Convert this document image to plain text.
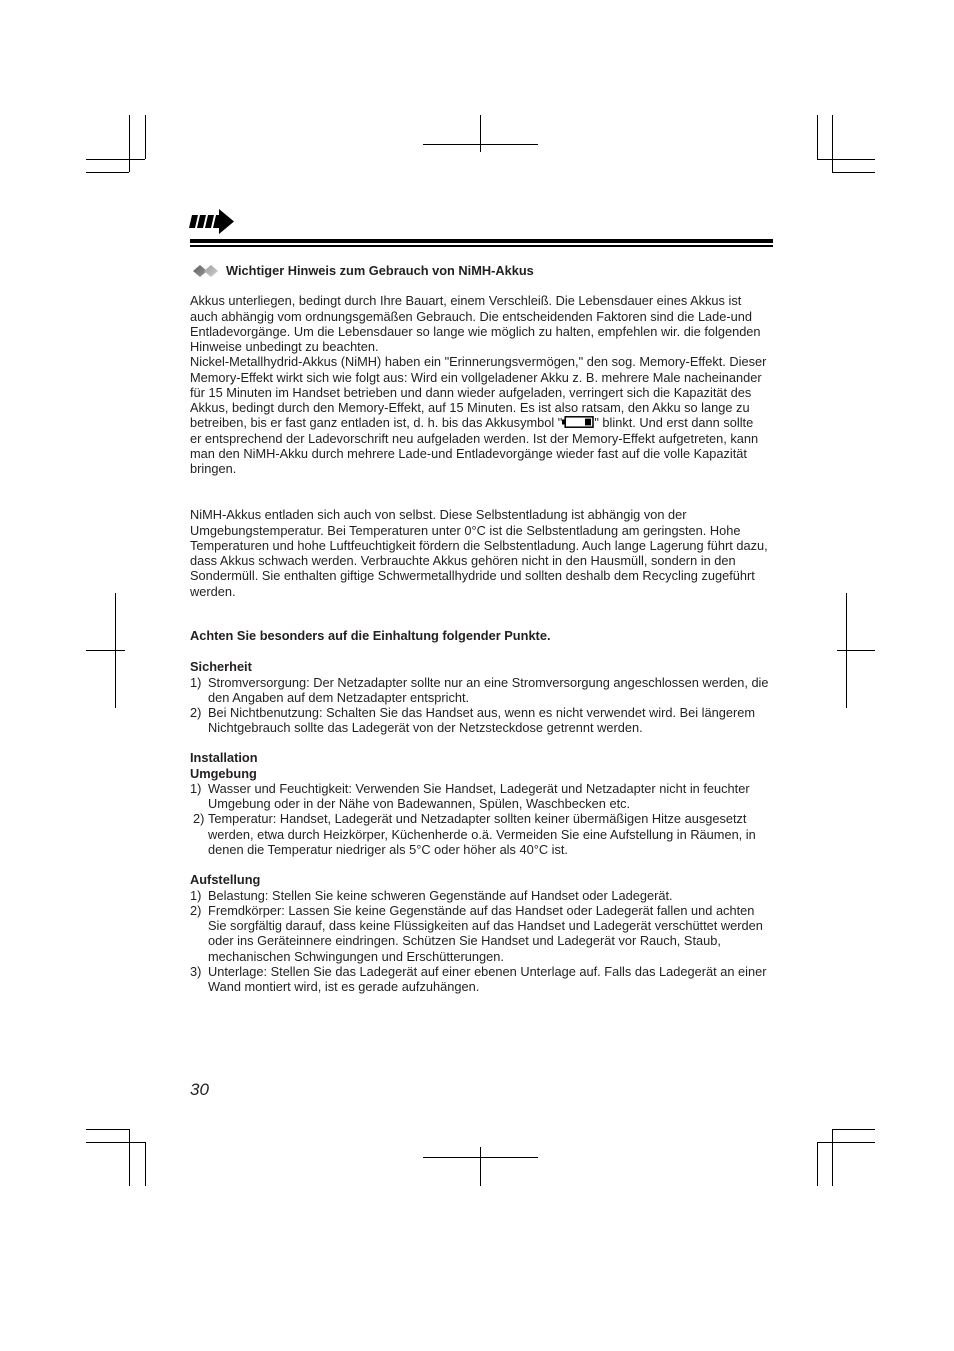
Wichtiger Hinweis zum Gebrauch von NiMH-Akkus
Akkus unterliegen, bedingt durch Ihre Bauart, einem Verschleiß. Die Lebensdauer eines Akkus ist
auch abhängig vom ordnungsgemäßen Gebrauch. Die entscheidenden Faktoren sind die Lade-und
Entladevorgänge. Um die Lebensdauer so lange wie möglich zu halten, empfehlen wir. die folgenden
Hinweise unbedingt zu beachten.
Nickel-Metallhydrid-Akkus (NiMH) haben ein "Erinnerungsvermögen," den sog. Memory-Effekt. Dieser
Memory-Effekt wirkt sich wie folgt aus: Wird ein vollgeladener Akku z. B. mehrere Male nacheinander
für 15 Minuten im Handset betrieben und dann wieder aufgeladen, verringert sich die Kapazität des
Akkus, bedingt durch den Memory-Effekt, auf 15 Minuten. Es ist also ratsam, den Akku so lange zu
betreiben, bis er fast ganz entladen ist, d. h. bis das Akkusymbol "	" blinkt. Und erst dann sollte
er entsprechend der Ladevorschrift neu aufgeladen werden. Ist der Memory-Effekt aufgetreten, kann
man den NiMH-Akku durch mehrere Lade-und Entladevorgänge wieder fast auf die volle Kapazität
bringen.
NiMH-Akkus entladen sich auch von selbst. Diese Selbstentladung ist abhängig von der
Umgebungstemperatur. Bei Temperaturen unter 0°C ist die Selbstentladung am geringsten. Hohe
Temperaturen und hohe Luftfeuchtigkeit fördern die Selbstentladung. Auch lange Lagerung führt dazu,
dass Akkus schwach werden. Verbrauchte Akkus gehören nicht in den Hausmüll, sondern in den
Sondermüll. Sie enthalten giftige Schwermetallhydride und sollten deshalb dem Recycling zugeführt
werden.
Achten Sie besonders auf die Einhaltung folgender Punkte.
Sicherheit
1) Stromversorgung: Der Netzadapter sollte nur an eine Stromversorgung angeschlossen werden, die
den Angaben auf dem Netzadapter entspricht.
2) Bei Nichtbenutzung: Schalten Sie das Handset aus, wenn es nicht verwendet wird. Bei längerem
Nichtgebrauch sollte das Ladegerät von der Netzsteckdose getrennt werden.
Installation
Umgebung
1) Wasser und Feuchtigkeit: Verwenden Sie Handset, Ladegerät und Netzadapter nicht in feuchter
Umgebung oder in der Nähe von Badewannen, Spülen, Waschbecken etc.
2) Temperatur: Handset, Ladegerät und Netzadapter sollten keiner übermäßigen Hitze ausgesetzt
werden, etwa durch Heizkörper, Küchenherde o.ä. Vermeiden Sie eine Aufstellung in Räumen, in
denen die Temperatur niedriger als 5°C oder höher als 40°C ist.
Aufstellung
1) Belastung: Stellen Sie keine schweren Gegenstände auf Handset oder Ladegerät.
2) Fremdkörper: Lassen Sie keine Gegenstände auf das Handset oder Ladegerät fallen und achten
Sie sorgfältig darauf, dass keine Flüssigkeiten auf das Handset und Ladegerät verschüttet werden
oder ins Geräteinnere eindringen. Schützen Sie Handset und Ladegerät vor Rauch, Staub,
mechanischen Schwingungen und Erschütterungen.
3) Unterlage: Stellen Sie das Ladegerät auf einer ebenen Unterlage auf. Falls das Ladegerät an einer
Wand montiert wird, ist es gerade aufzuhängen.
30
